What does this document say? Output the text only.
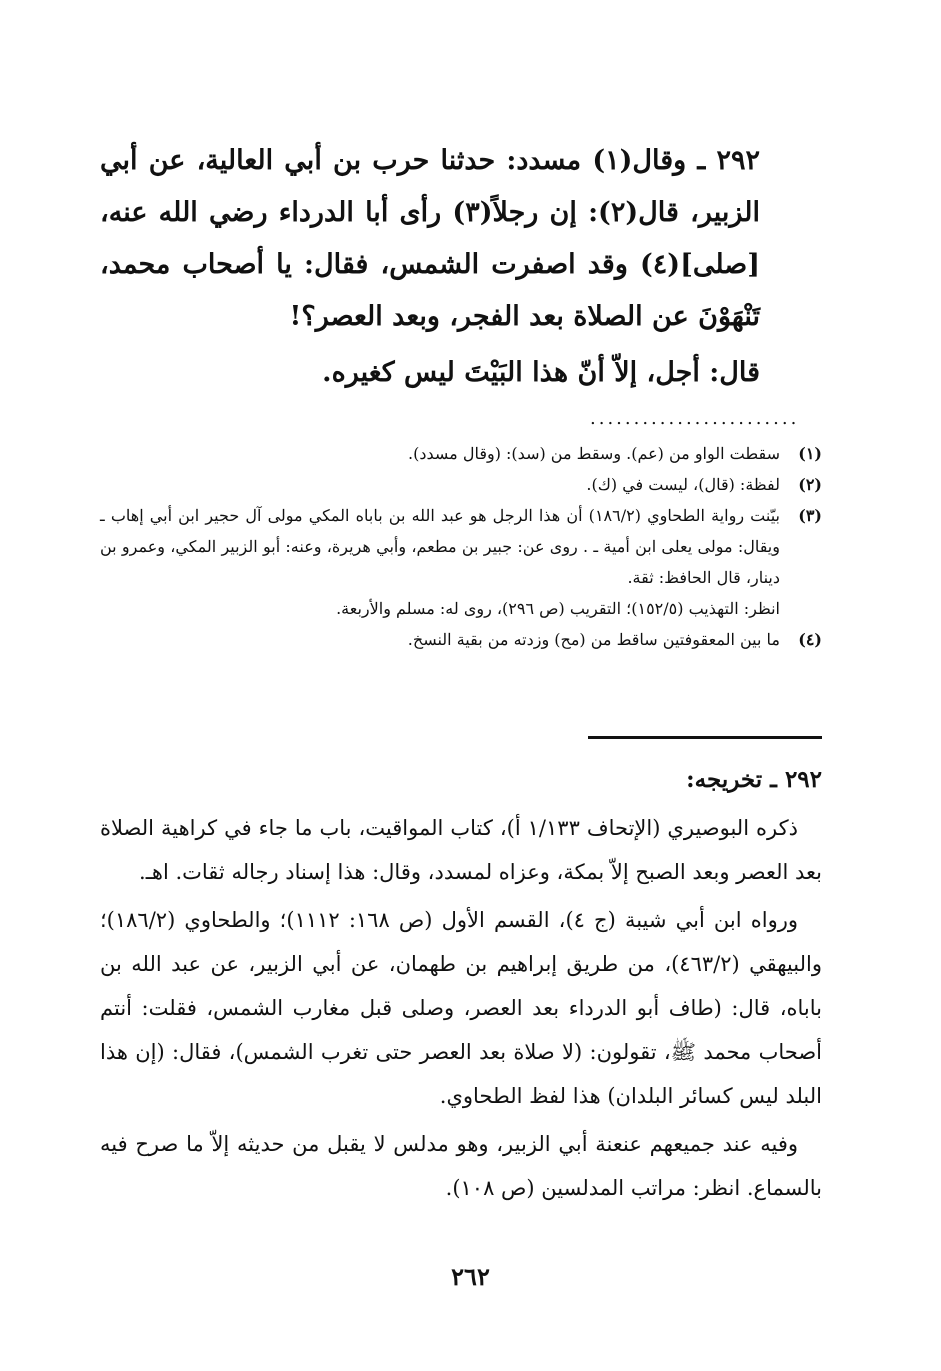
٢٩٢ ـ وقال(١) مسدد: حدثنا حرب بن أبي العالية، عن أبي الزبير، قال(٢): إن رجلاً(٣) رأى أبا الدرداء رضي الله عنه، [صلى](٤) وقد اصفرت الشمس، فقال: يا أصحاب محمد، تَنْهَوْنَ عن الصلاة بعد الفجر، وبعد العصر؟!

قال: أجل، إلاّ أنّ هذا البَيْتَ ليس كغيره.

........................
(١)
سقطت الواو من (عم). وسقط من (سد): (وقال مسدد).
(٢)
لفظة: (قال)، ليست في (ك).
(٣)

بيّنت رواية الطحاوي (١٨٦/٢) أن هذا الرجل هو عبد الله بن باباه المكي مولى آل حجير ابن أبي إهاب ـ ويقال: مولى يعلى ابن أمية ـ . روى عن: جبير بن مطعم، وأبي هريرة، وعنه: أبو الزبير المكي، وعمرو بن دينار، قال الحافظ: ثقة.

انظر: التهذيب (١٥٢/٥)؛ التقريب (ص ٢٩٦)، روى له: مسلم والأربعة.

(٤)
ما بين المعقوفتين ساقط من (مح) وزدته من بقية النسخ.

٢٩٢ ـ تخريجه:

ذكره البوصيري (الإتحاف ١/١٣٣ أ)، كتاب المواقيت، باب ما جاء في كراهية الصلاة بعد العصر وبعد الصبح إلاّ بمكة، وعزاه لمسدد، وقال: هذا إسناد رجاله ثقات. اهـ.

ورواه ابن أبي شيبة (ج ٤)، القسم الأول (ص ١٦٨: ١١١٢)؛ والطحاوي (١٨٦/٢)؛ والبيهقي (٤٦٣/٢)، من طريق إبراهيم بن طهمان، عن أبي الزبير، عن عبد الله بن باباه، قال: (طاف أبو الدرداء بعد العصر، وصلى قبل مغارب الشمس، فقلت: أنتم أصحاب محمد ﷺ، تقولون: (لا صلاة بعد العصر حتى تغرب الشمس)، فقال: (إن هذا البلد ليس كسائر البلدان) هذا لفظ الطحاوي.

وفيه عند جميعهم عنعنة أبي الزبير، وهو مدلس لا يقبل من حديثه إلاّ ما صرح فيه بالسماع. انظر: مراتب المدلسين (ص ١٠٨).

٢٦٢
